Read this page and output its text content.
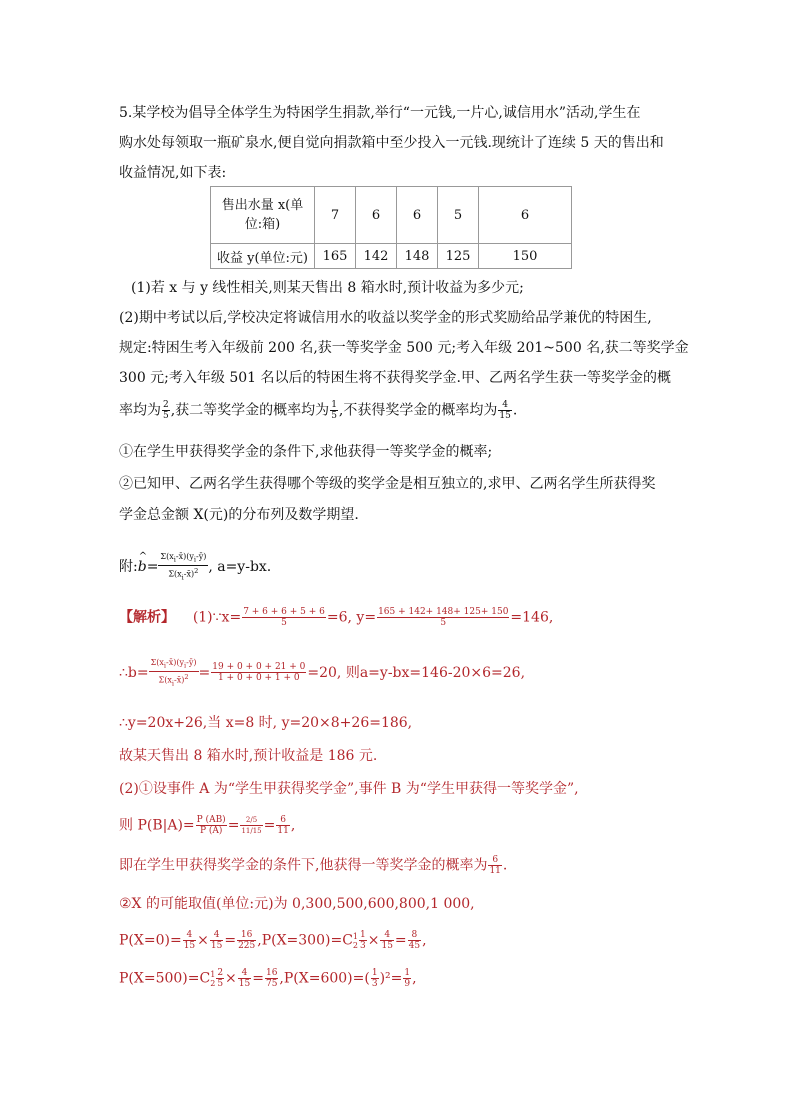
5.某学校为倡导全体学生为特困学生捐款,举行“一元钱,一片心,诚信用水”活动,学生在
购水处每领取一瓶矿泉水,便自觉向捐款箱中至少投入一元钱.现统计了连续 5 天的售出和
收益情况,如下表:
售出水量 x(单
位:箱)	7	6	6	5	6
收益 y(单位:元)	165	142	148	125	150
(1)若 x 与 y 线性相关,则某天售出 8 箱水时,预计收益为多少元;
(2)期中考试以后,学校决定将诚信用水的收益以奖学金的形式奖励给品学兼优的特困生,
规定:特困生考入年级前 200 名,获一等奖学金 500 元;考入年级 201~500 名,获二等奖学金
300 元;考入年级 501 名以后的特困生将不获得奖学金.甲、乙两名学生获一等奖学金的概
率均为 $\frac{2}{5}$ ,获二等奖学金的概率均为 $\frac{1}{5}$ ,不获得奖学金的概率均为 $\frac{4}{15}$ .
①在学生甲获得奖学金的条件下,求他获得一等奖学金的概率;
②已知甲、乙两名学生获得哪个等级的奖学金是相互独立的,求甲、乙两名学生所获得奖
学金总金额 X(元)的分布列及数学期望.
附:^ $b= \frac{\Sigma(x_i-x̄)(y_i-ȳ)}{\Sigma(x_i-x̄)^2}$ , a=y-bx.
【解析】 (1)∵x= $\frac{7 + 6 + 6 + 5 + 6}{5} =6$, $y= \frac{165 + 142+ 148+ 125+ 150}{5} =146$,
∴b= $\frac{\Sigma(x_i-x̄)(y_i-ȳ)}{\Sigma(x_i-x̄)^2} = \frac{19 + 0 + 0 + 21 + 0}{1 + 0 + 0 + 1 + 0} =20$, 则a=y-bx=146-20×6=26,
∴y=20x+26,当 x=8 时, y=20×8+26=186,
故某天售出 8 箱水时,预计收益是 186 元.
(2)①设事件 A 为“学生甲获得奖学金”,事件 B 为“学生甲获得一等奖学金”,
则 $P(B|A)= \frac{P (AB)}{P (A)} = \frac{2/5}{11/15} = \frac{6}{11}$ ,
即在学生甲获得奖学金的条件下,他获得一等奖学金的概率为 $\frac{6}{11}$ .
②X 的可能取值(单位:元)为 0,300,500,600,800,1 000,
$P(X=0)= \frac{4}{15} \times \frac{4}{15} = \frac{16}{225} ,P(X=300)=C$ 1
$2 \frac{1}{3} \times \frac{4}{15} = \frac{8}{45}$ ,
P(X=500)=C 1
$2 \frac{2}{5} \times \frac{4}{15} = \frac{16}{75} ,P(X=600)=( \frac{1}{3} )^2= \frac{1}{9}$ ,
